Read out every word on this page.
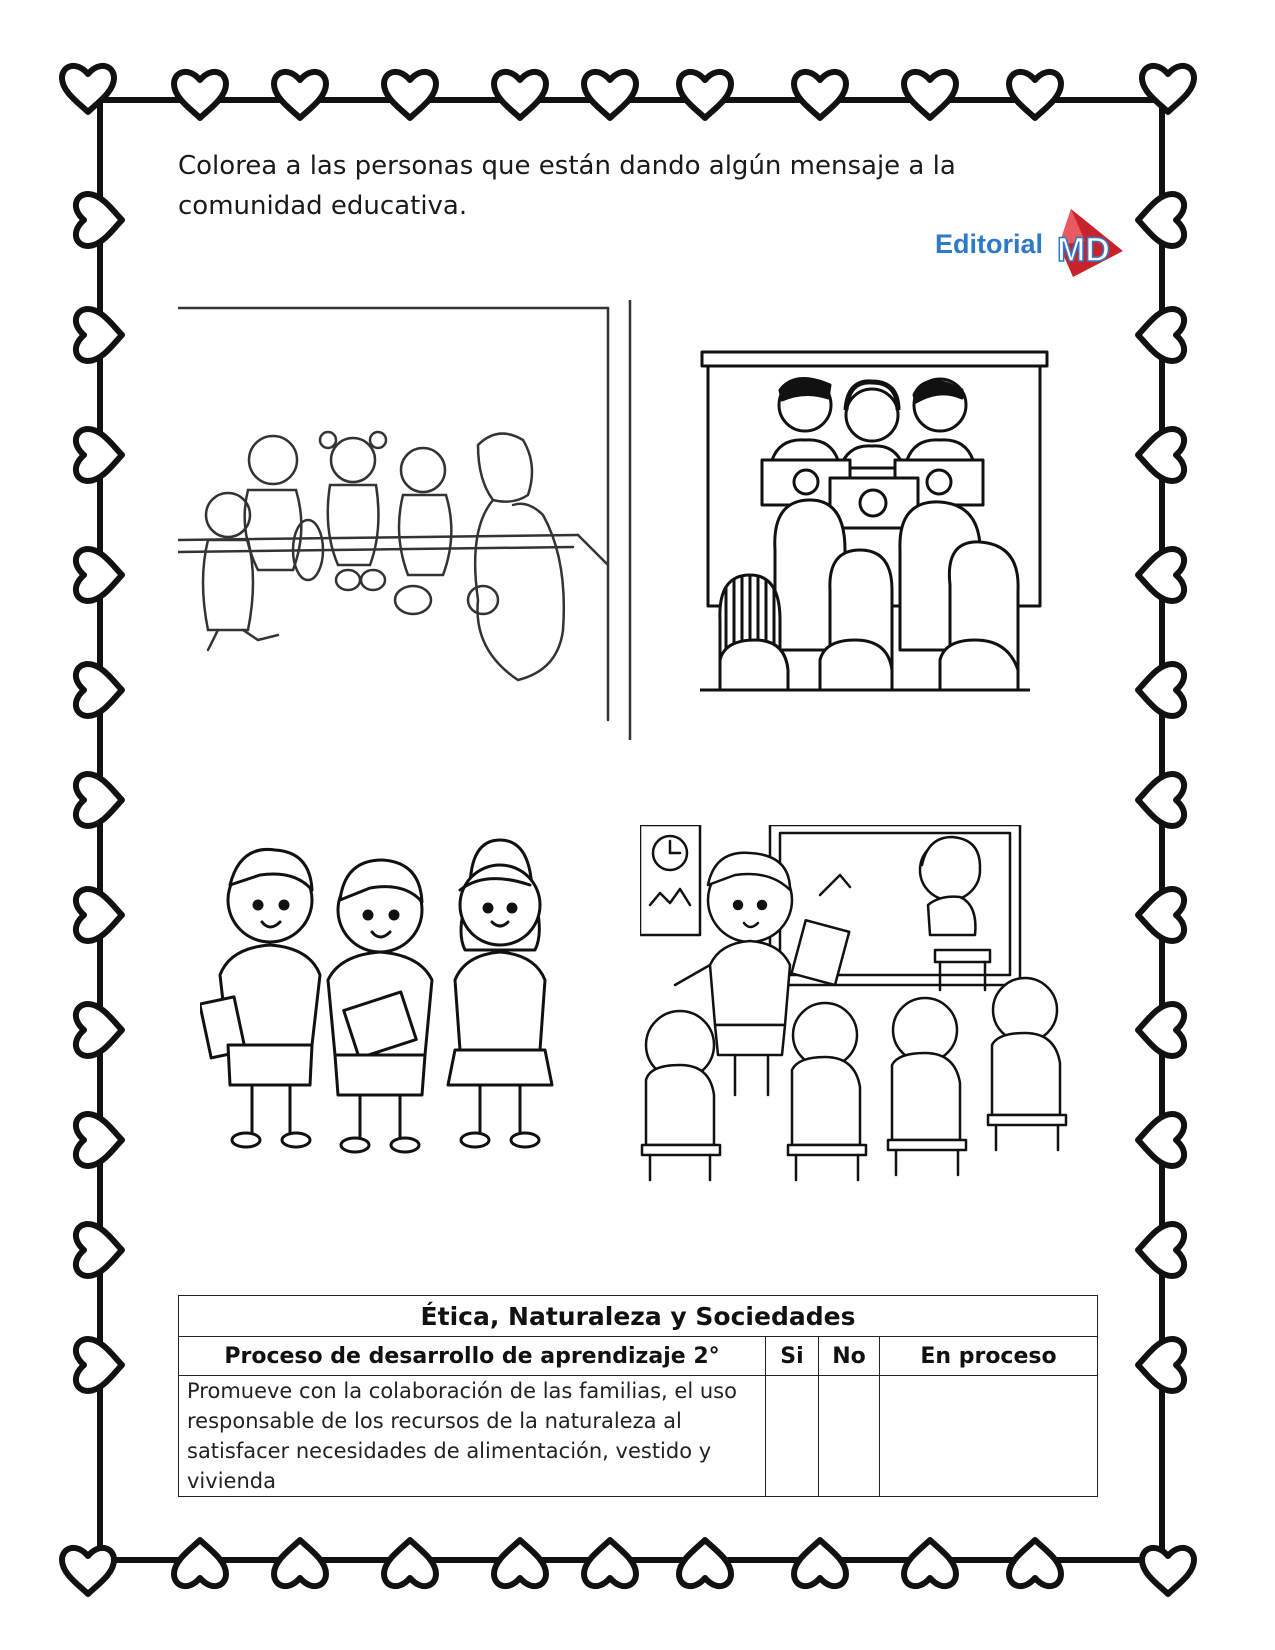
Colorea a las personas que están dando algún mensaje a la comunidad educativa.
Editorial MD
Ética, Naturaleza y Sociedades			
Proceso de desarrollo de aprendizaje 2°	Si	No	En proceso
Promueve con la colaboración de las familias, el uso responsable de los recursos de la naturaleza al satisfacer necesidades de alimentación, vestido y vivienda			
